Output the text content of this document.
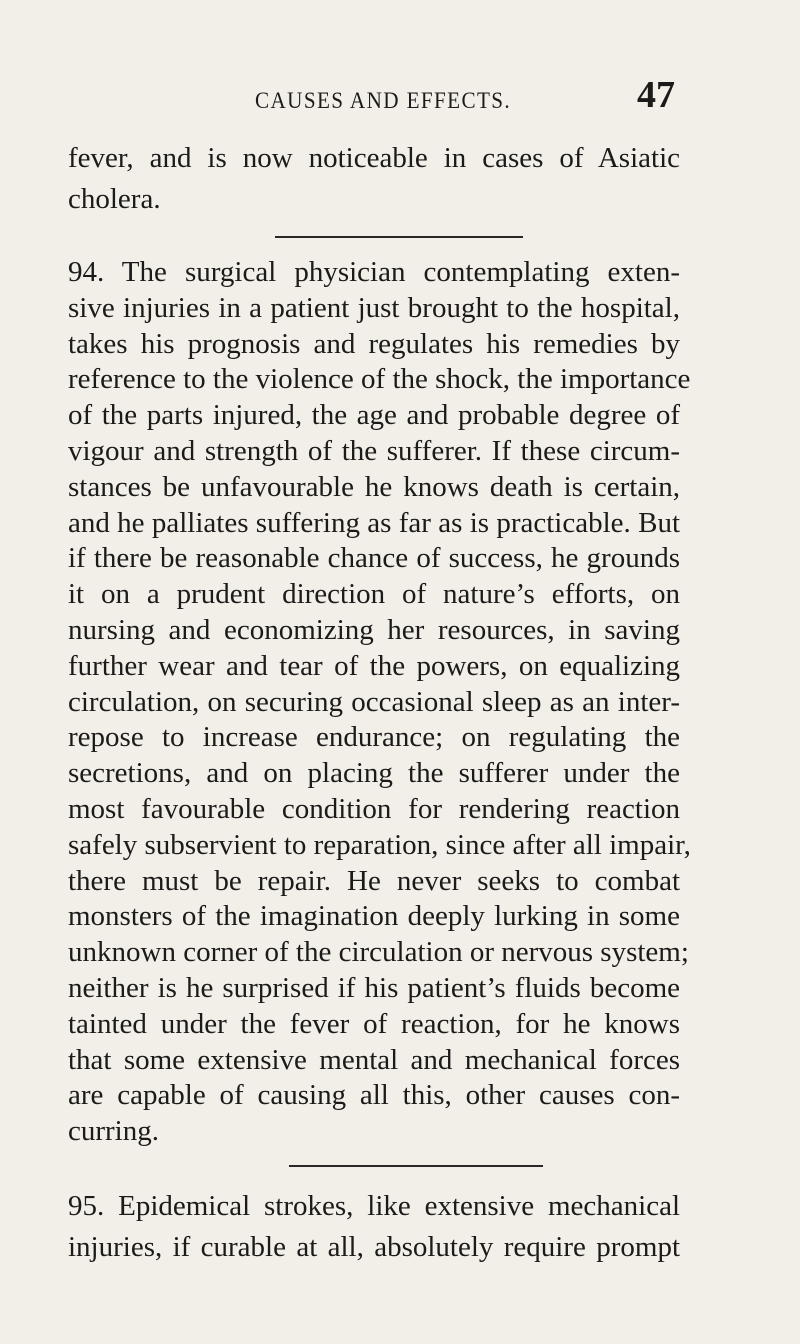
CAUSES AND EFFECTS.	47
fever, and is now noticeable in cases of Asiatic
cholera.
94. The surgical physician contemplating exten-
sive injuries in a patient just brought to the hospital,
takes his prognosis and regulates his remedies by
reference to the violence of the shock, the importance
of the parts injured, the age and probable degree of
vigour and strength of the sufferer. If these circum-
stances be unfavourable he knows death is certain,
and he palliates suffering as far as is practicable. But
if there be reasonable chance of success, he grounds
it on a prudent direction of nature’s efforts, on
nursing and economizing her resources, in saving
further wear and tear of the powers, on equalizing
circulation, on securing occasional sleep as an inter-
repose to increase endurance; on regulating the
secretions, and on placing the sufferer under the
most favourable condition for rendering reaction
safely subservient to reparation, since after all impair,
there must be repair. He never seeks to combat
monsters of the imagination deeply lurking in some
unknown corner of the circulation or nervous system;
neither is he surprised if his patient’s fluids become
tainted under the fever of reaction, for he knows
that some extensive mental and mechanical forces
are capable of causing all this, other causes con-
curring.
95. Epidemical strokes, like extensive mechanical
injuries, if curable at all, absolutely require prompt
